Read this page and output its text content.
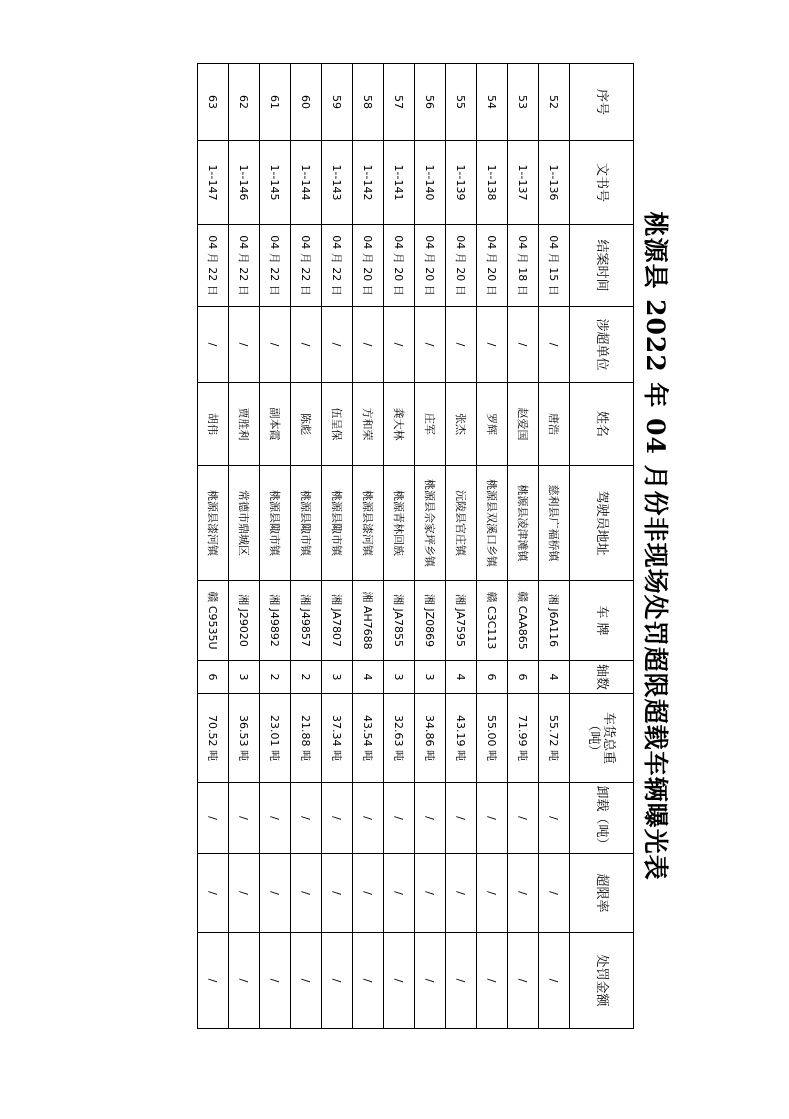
桃源县 2022 年 04 月份非现场处罚超限超载车辆曝光表											
序号	文书号	结案时间	涉超单位	姓名	驾驶员地址	车 牌	轴数	车货总重（吨）	卸载（吨）	超限率	处罚金额
52	1--136	04 月 15 日	/	唐浩	慈利县广福桥镇	湘 J6A116	4	55.72 吨	/	/	/
53	1--137	04 月 18 日	/	赵爱国	桃源县凌津滩镇	赣 CAA865	6	71.99 吨	/	/	/
54	1--138	04 月 20 日	/	罗辉	桃源县双溪口乡镇	赣 C3C113	6	55.00 吨	/	/	/
55	1--139	04 月 20 日	/	张杰	沅陵县官庄镇	湘 JA7595	4	43.19 吨	/	/	/
56	1--140	04 月 20 日	/	庄军	桃源县佘家坪乡镇	湘 JZ0869	3	34.86 吨	/	/	/
57	1--141	04 月 20 日	/	龚大林	桃源青林回族	湘 JA7855	3	32.63 吨	/	/	/
58	1--142	04 月 20 日	/	方和荣	桃源县漆河镇	湘 AH7688	4	43.54 吨	/	/	/
59	1--143	04 月 22 日	/	伍呈保	桃源县陬市镇	湘 JA7807	3	37.34 吨	/	/	/
60	1--144	04 月 22 日	/	陈彪	桃源县陬市镇	湘 J49857	2	21.88 吨	/	/	/
61	1--145	04 月 22 日	/	副本霞	桃源县陬市镇	湘 J49892	2	23.01 吨	/	/	/
62	1--146	04 月 22 日	/	贾胜利	常德市鼎城区	湘 J29020	3	36.53 吨	/	/	/
63	1--147	04 月 22 日	/	胡伟	桃源县漆河镇	赣 C9535U	6	70.52 吨	/	/	/
